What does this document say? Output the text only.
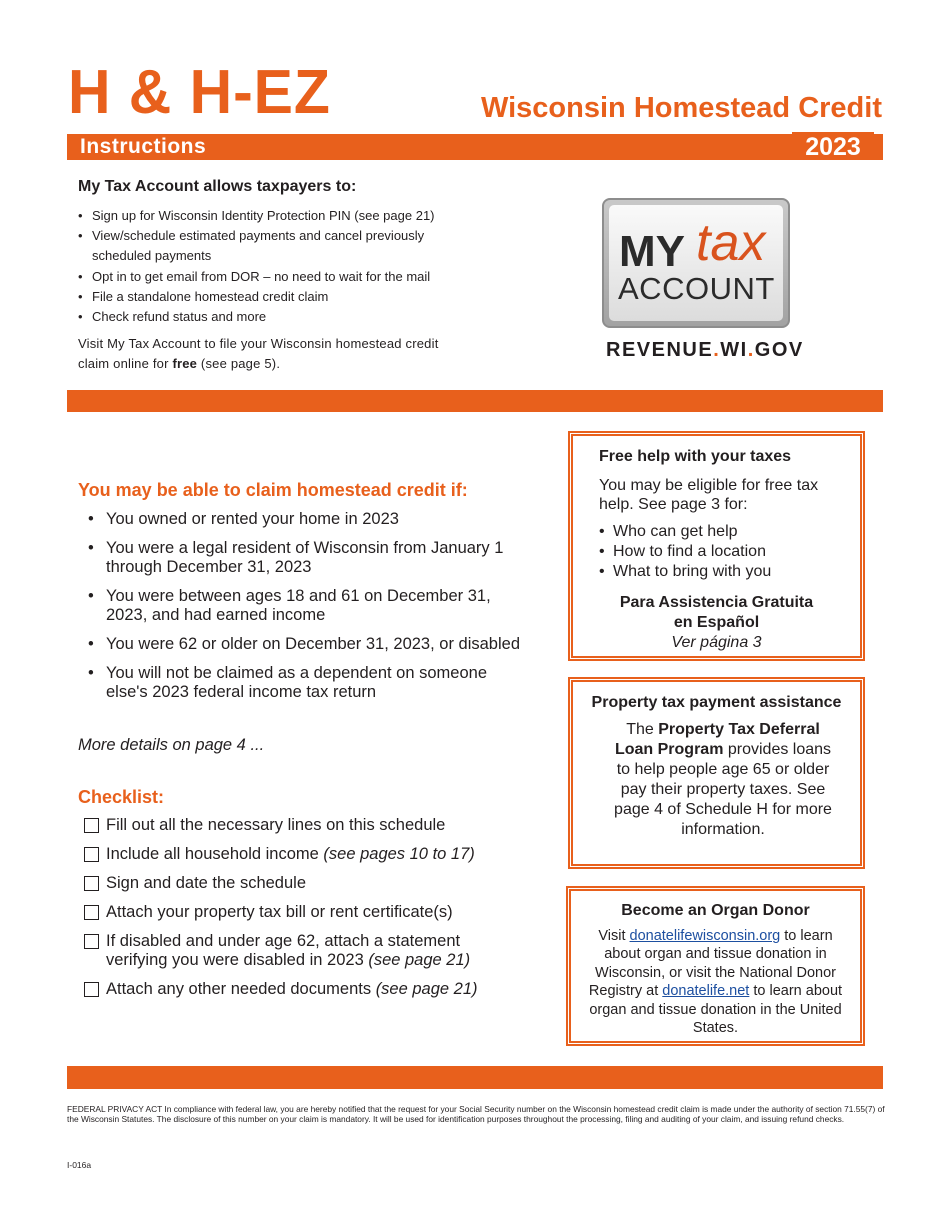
H & H-EZ	Wisconsin Homestead Credit
Instructions	2023
My Tax Account allows taxpayers to:
• Sign up for Wisconsin Identity Protection PIN (see page 21)
• View/schedule estimated payments and cancel previously scheduled payments
• Opt in to get email from DOR – no need to wait for the mail
• File a standalone homestead credit claim
• Check refund status and more
Visit My Tax Account to file your Wisconsin homestead credit claim online for free (see page 5).
MY tax
ACCOUNT
REVENUE.WI.GOV
You may be able to claim homestead credit if:
• You owned or rented your home in 2023
• You were a legal resident of Wisconsin from January 1 through December 31, 2023
• You were between ages 18 and 61 on December 31, 2023, and had earned income
• You were 62 or older on December 31, 2023, or disabled
• You will not be claimed as a dependent on someone else's 2023 federal income tax return
More details on page 4 ...
Checklist:
Fill out all the necessary lines on this schedule
Include all household income (see pages 10 to 17)
Sign and date the schedule
Attach your property tax bill or rent certificate(s)
If disabled and under age 62, attach a statement verifying you were disabled in 2023 (see page 21)
Attach any other needed documents (see page 21)
Free help with your taxes
You may be eligible for free tax help. See page 3 for:
• Who can get help
• How to find a location
• What to bring with you
Para Assistencia Gratuita
en Español
Ver página 3
Property tax payment assistance
The Property Tax Deferral Loan Program provides loans to help people age 65 or older pay their property taxes. See page 4 of Schedule H for more information.
Become an Organ Donor
Visit donatelifewisconsin.org to learn about organ and tissue donation in Wisconsin, or visit the National Donor Registry at donatelife.net to learn about organ and tissue donation in the United States.
FEDERAL PRIVACY ACT In compliance with federal law, you are hereby notified that the request for your Social Security number on the Wisconsin homestead credit claim is made under the authority of section 71.55(7) of the Wisconsin Statutes. The disclosure of this number on your claim is mandatory. It will be used for identification purposes throughout the processing, filing and auditing of your claim, and issuing refund checks.
I-016a
